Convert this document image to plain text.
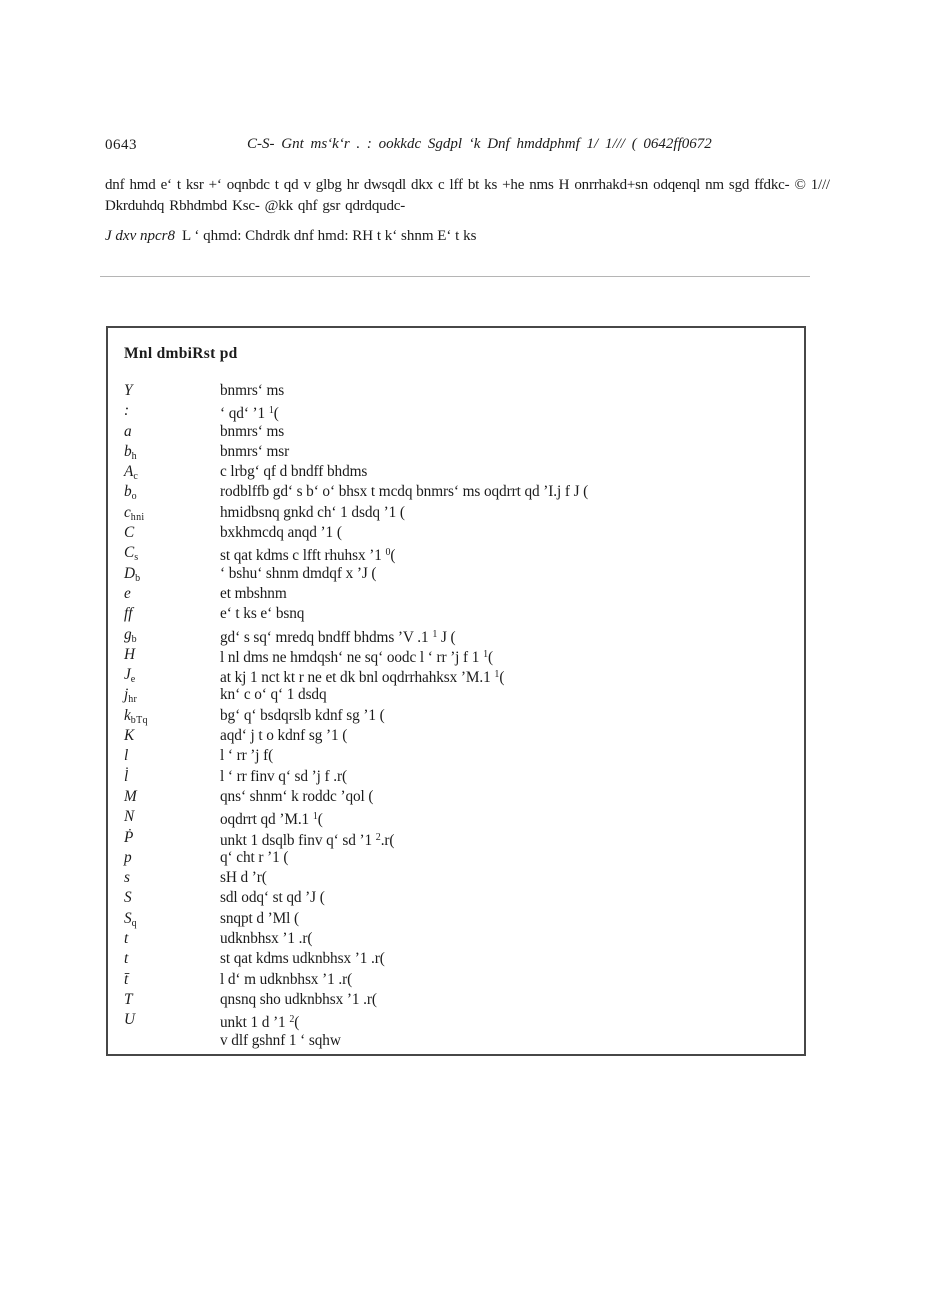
0643	C-S- Gnt ms‘k‘r . : ookkdc Sgdpl ‘k Dnf hmddphmf 1/ 1/// ( 0642ff0672
dnf hmd e‘ t ksr +‘ oqnbdc t qd v glbg hr dwsqdl dkx c lff bt ks +he nms H onrrhakd+sn odqenql nm sgd ffdkc- © 1///
Dkrduhdq Rbhdmbd Ksc- @kk qhf gsr qdrdqudc-
J dxv npcr8 L ‘ qhmd: Chdrdk dnf hmd: RH t k‘ shnm E‘ t ks
Mnl dmbiRst pd
Y	bnmrs‘ ms
:	‘ qd‘ ’1 $^1$(
a	bnmrs‘ ms
bh	bnmrs‘ msr
Ac	c lrbg‘ qf d bndff bhdms
bo	rodblffb gd‘ s b‘ o‘ bhsx t mcdq bnmrs‘ ms oqdrrt qd ’I.j f J (
chni	hmidbsnq gnkd ch‘ 1 dsdq ’1 (
C	bxkhmcdq anqd ’1 (
Cs	st qat kdms c lfft rhuhsx ’1 $^0$(
Db	‘ bshu‘ shnm dmdqf x ’J (
e	et mbshnm
ff	e‘ t ks e‘ bsnq
gb	gd‘ s sq‘ mredq bndff bhdms ’V .1 $^1$ J (
H	l nl dms ne hmdqsh‘ ne sq‘ oodc l ‘ rr ’j f 1 $^1$(
Je	at kj 1 nct kt r ne et dk bnl oqdrrhahksx ’M.1 $^1$(
jhr	kn‘ c o‘ q‘ 1 dsdq
kbTq	bg‘ q‘ bsdqrslb kdnf sg ’1 (
K	aqd‘ j t o kdnf sg ’1 (
l	l ‘ rr ’j f(
l̇	l ‘ rr finv q‘ sd ’j f .r(
M	qns‘ shnm‘ k roddc ’qol (
N	oqdrrt qd ’M.1 $^1$(
Ṗ	unkt 1 dsqlb finv q‘ sd ’1 $^2$.r(
p	q‘ cht r ’1 (
s	sH d ’r(
S	sdl odq‘ st qd ’J (
Sq	snqpt d ’Ml (
t	udknbhsx ’1 .r(
t	st qat kdms udknbhsx ’1 .r(
t̄	l d‘ m udknbhsx ’1 .r(
T	qnsnq sho udknbhsx ’1 .r(
U	unkt 1 d ’1 $^2$(
v dlf gshnf 1 ‘ sqhw
